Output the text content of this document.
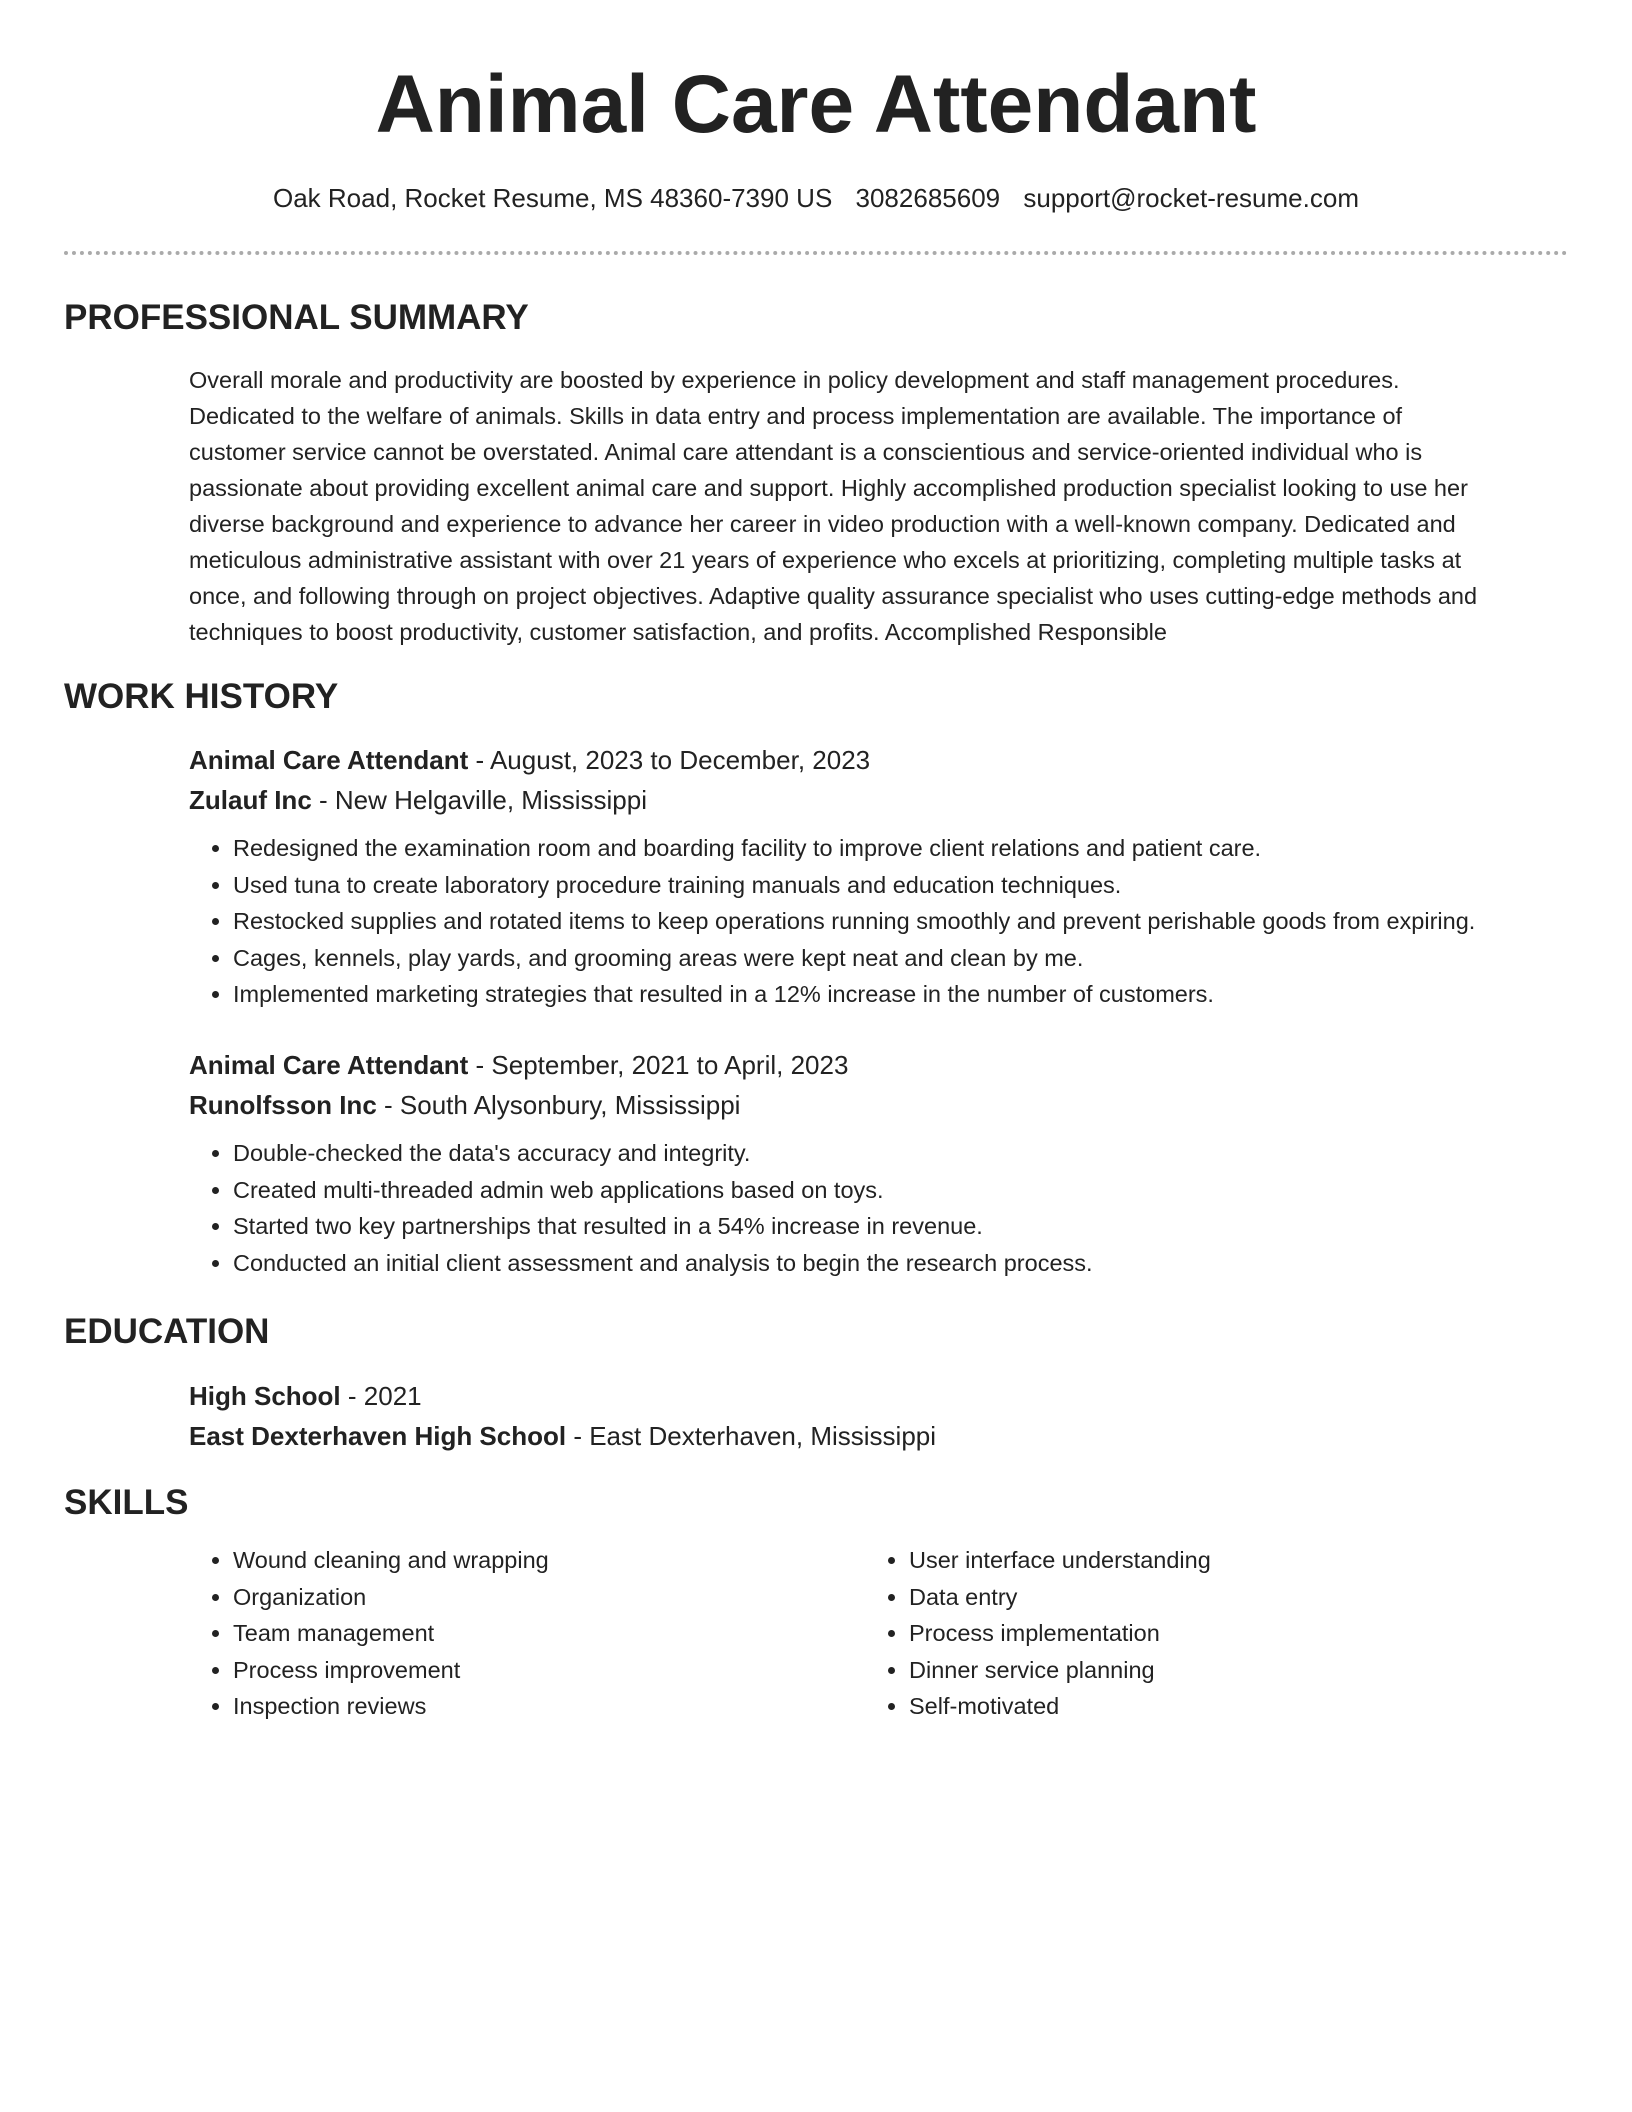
Animal Care Attendant
Oak Road, Rocket Resume, MS 48360-7390 US 3082685609 support@rocket-resume.com
PROFESSIONAL SUMMARY

Overall morale and productivity are boosted by experience in policy development and staff management procedures.
Dedicated to the welfare of animals. Skills in data entry and process implementation are available. The importance of
customer service cannot be overstated. Animal care attendant is a conscientious and service-oriented individual who is
passionate about providing excellent animal care and support. Highly accomplished production specialist looking to use her
diverse background and experience to advance her career in video production with a well-known company. Dedicated and
meticulous administrative assistant with over 21 years of experience who excels at prioritizing, completing multiple tasks at
once, and following through on project objectives. Adaptive quality assurance specialist who uses cutting-edge methods and
techniques to boost productivity, customer satisfaction, and profits. Accomplished Responsible

WORK HISTORY

Animal Care Attendant - August, 2023 to December, 2023

Zulauf Inc - New Helgaville, Mississippi

• Redesigned the examination room and boarding facility to improve client relations and patient care.
• Used tuna to create laboratory procedure training manuals and education techniques.
• Restocked supplies and rotated items to keep operations running smoothly and prevent perishable goods from expiring.
• Cages, kennels, play yards, and grooming areas were kept neat and clean by me.
• Implemented marketing strategies that resulted in a 12% increase in the number of customers.

Animal Care Attendant - September, 2021 to April, 2023

Runolfsson Inc - South Alysonbury, Mississippi

• Double-checked the data's accuracy and integrity.
• Created multi-threaded admin web applications based on toys.
• Started two key partnerships that resulted in a 54% increase in revenue.
• Conducted an initial client assessment and analysis to begin the research process.
EDUCATION

High School - 2021

East Dexterhaven High School - East Dexterhaven, Mississippi

SKILLS
• Wound cleaning and wrapping
• Organization
• Team management
• Process improvement
• Inspection reviews
• User interface understanding
• Data entry
• Process implementation
• Dinner service planning
• Self-motivated
